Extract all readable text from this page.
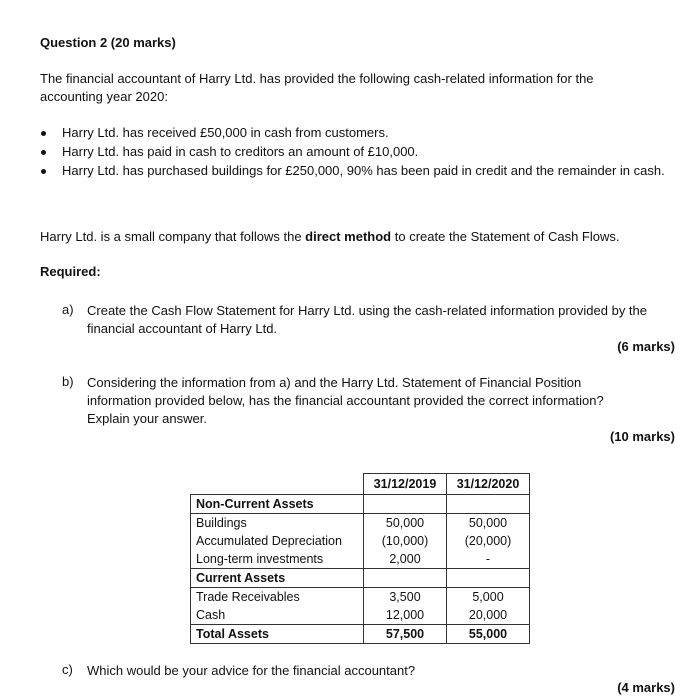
Question 2 (20 marks)
The financial accountant of Harry Ltd. has provided the following cash-related information for the accounting year 2020:
Harry Ltd. has received £50,000 in cash from customers.
Harry Ltd. has paid in cash to creditors an amount of £10,000.
Harry Ltd. has purchased buildings for £250,000, 90% has been paid in credit and the remainder in cash.
Harry Ltd. is a small company that follows the direct method to create the Statement of Cash Flows.
Required:
a) Create the Cash Flow Statement for Harry Ltd. using the cash-related information provided by the financial accountant of Harry Ltd.
(6 marks)
b) Considering the information from a) and the Harry Ltd. Statement of Financial Position information provided below, has the financial accountant provided the correct information? Explain your answer.
(10 marks)
	31/12/2019	31/12/2020
Non-Current Assets		
Buildings	50,000	50,000
Accumulated Depreciation	(10,000)	(20,000)
Long-term investments	2,000	-
Current Assets		
Trade Receivables	3,500	5,000
Cash	12,000	20,000
Total Assets	57,500	55,000
c) Which would be your advice for the financial accountant?
(4 marks)
